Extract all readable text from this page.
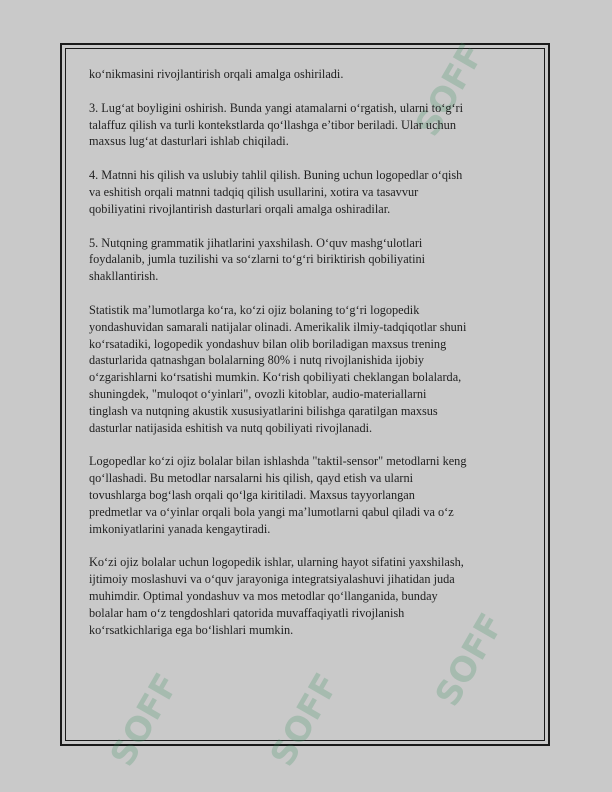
SOFF
SOFF
SOFF SOFF

ko‘nikmasini rivojlantirish orqali amalga oshiriladi.

3. Lug‘at boyligini oshirish. Bunda yangi atamalarni o‘rgatish, ularni to‘g‘ri
talaffuz qilish va turli kontekstlarda qo‘llashga e’tibor beriladi. Ular uchun
maxsus lug‘at dasturlari ishlab chiqiladi.

4. Matnni his qilish va uslubiy tahlil qilish. Buning uchun logopedlar o‘qish
va eshitish orqali matnni tadqiq qilish usullarini, xotira va tasavvur
qobiliyatini rivojlantirish dasturlari orqali amalga oshiradilar.

5. Nutqning grammatik jihatlarini yaxshilash. O‘quv mashg‘ulotlari
foydalanib, jumla tuzilishi va so‘zlarni to‘g‘ri biriktirish qobiliyatini
shakllantirish.

Statistik ma’lumotlarga ko‘ra, ko‘zi ojiz bolaning to‘g‘ri logopedik
yondashuvidan samarali natijalar olinadi. Amerikalik ilmiy-tadqiqotlar shuni
ko‘rsatadiki, logopedik yondashuv bilan olib boriladigan maxsus trening
dasturlarida qatnashgan bolalarning 80% i nutq rivojlanishida ijobiy
o‘zgarishlarni ko‘rsatishi mumkin. Ko‘rish qobiliyati cheklangan bolalarda,
shuningdek, "muloqot o‘yinlari", ovozli kitoblar, audio-materiallarni
tinglash va nutqning akustik xususiyatlarini bilishga qaratilgan maxsus
dasturlar natijasida eshitish va nutq qobiliyati rivojlanadi.

Logopedlar ko‘zi ojiz bolalar bilan ishlashda "taktil-sensor" metodlarni keng
qo‘llashadi. Bu metodlar narsalarni his qilish, qayd etish va ularni
tovushlarga bog‘lash orqali qo‘lga kiritiladi. Maxsus tayyorlangan
predmetlar va o‘yinlar orqali bola yangi ma’lumotlarni qabul qiladi va o‘z
imkoniyatlarini yanada kengaytiradi.

Ko‘zi ojiz bolalar uchun logopedik ishlar, ularning hayot sifatini yaxshilash,
ijtimoiy moslashuvi va o‘quv jarayoniga integratsiyalashuvi jihatidan juda
muhimdir. Optimal yondashuv va mos metodlar qo‘llanganida, bunday
bolalar ham o‘z tengdoshlari qatorida muvaffaqiyatli rivojlanish
ko‘rsatkichlariga ega bo‘lishlari mumkin.
